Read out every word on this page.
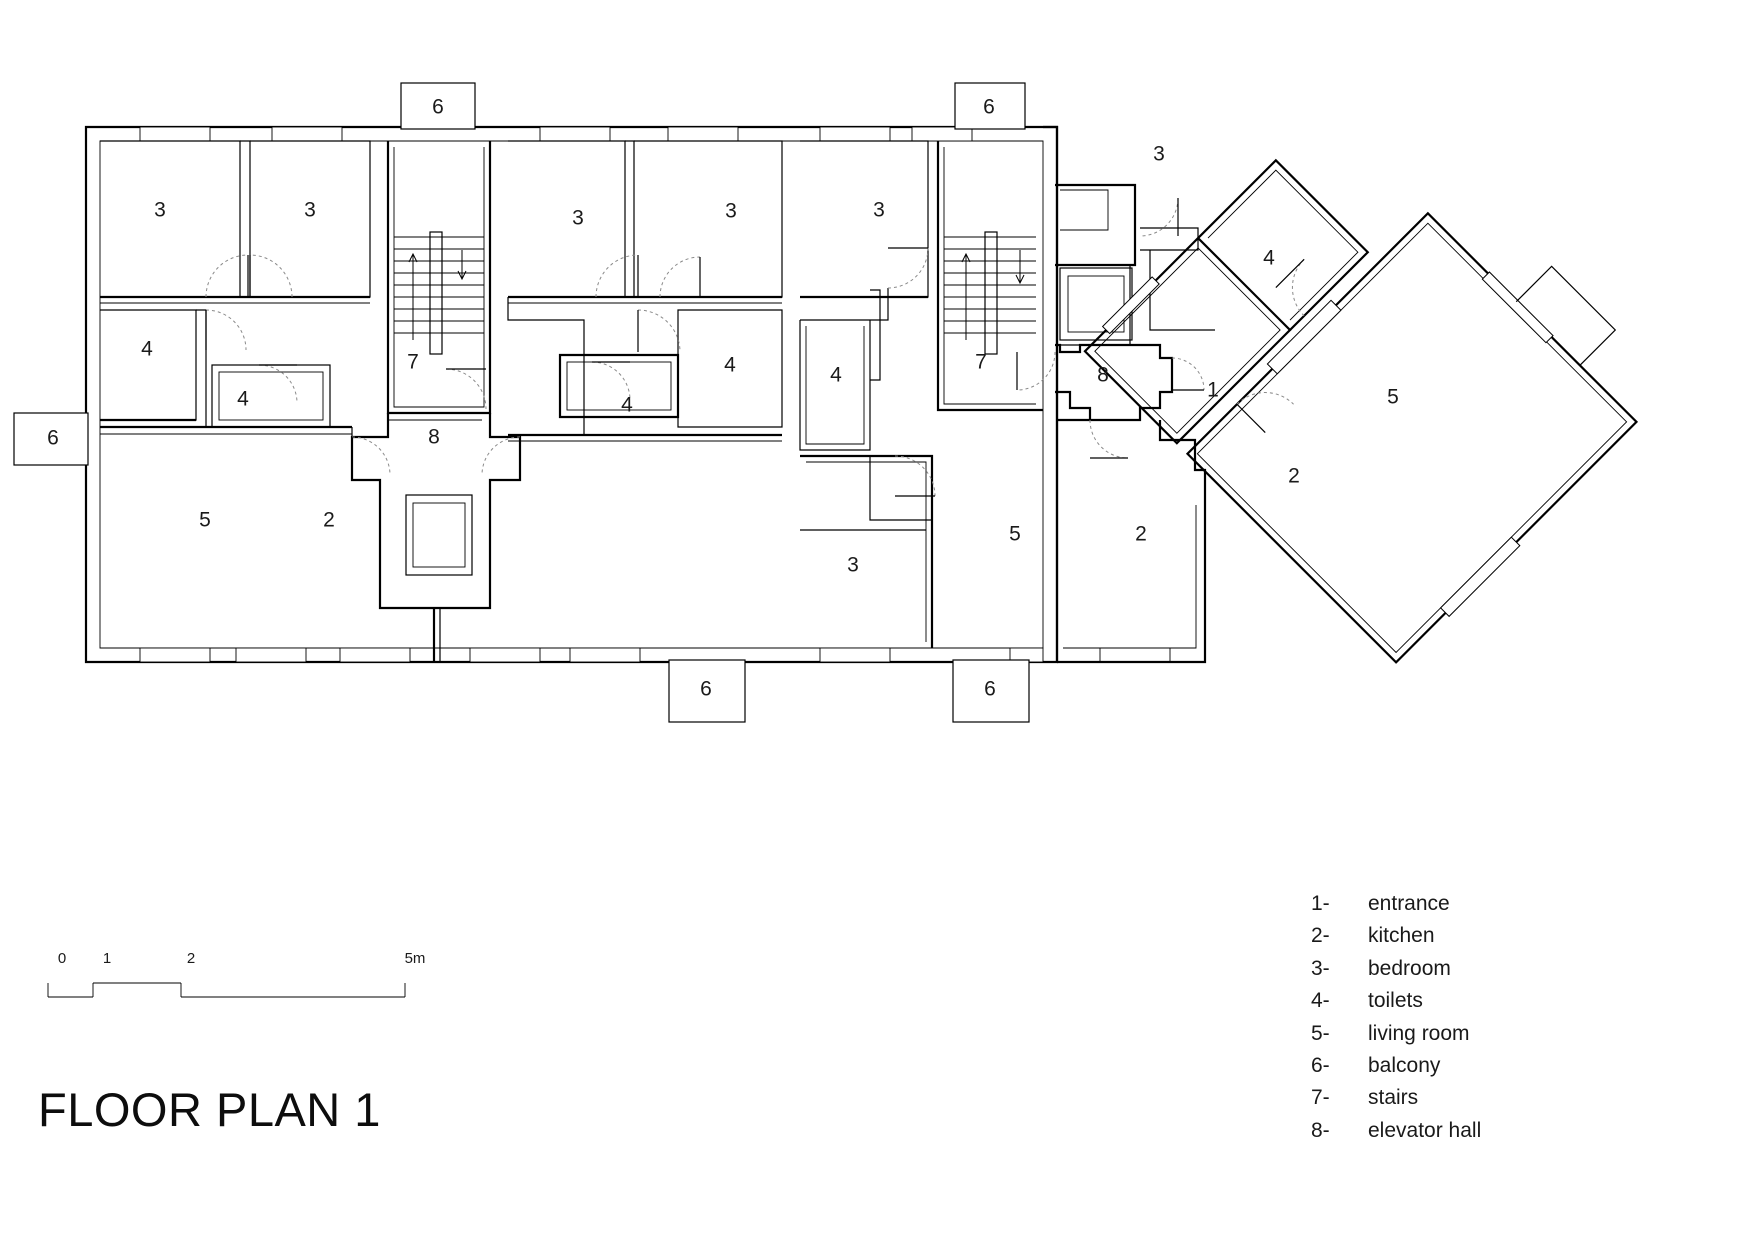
6	6
3
3	3	3	3	3
4
4
4
4
4
4
7	7
8
8
1
6
5	2
5
2
5	2
3
6	6
0 1	2	5m
1-	entrance
2-	kitchen
3-	bedroom
4-	toilets
5-	living room
6-	balcony
7-	stairs
8-	elevator hall
FLOOR PLAN 1
